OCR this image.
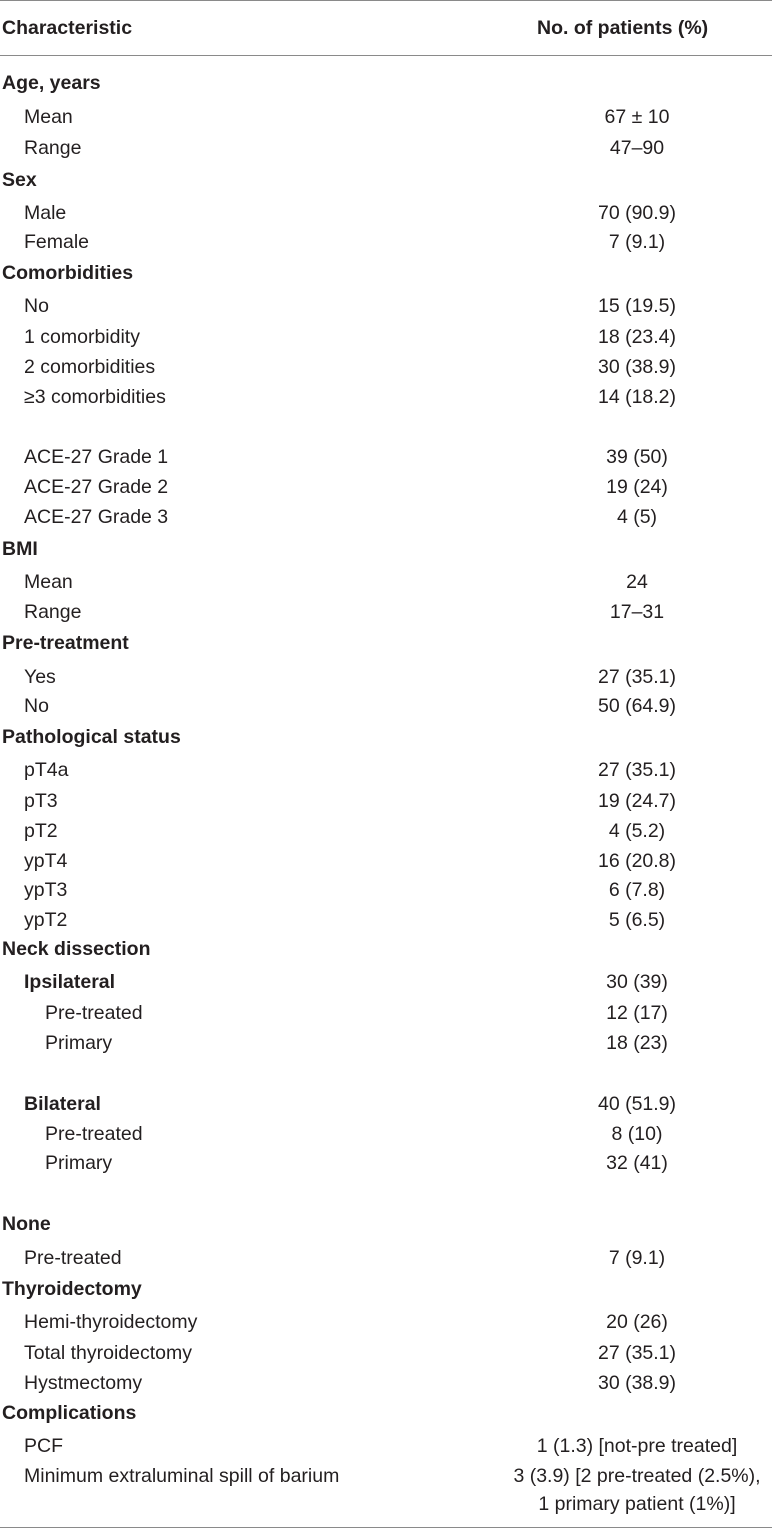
Characteristic	No. of patients (%)
Age, years
Mean	67 ± 10
Range	47–90
Sex
Male	70 (90.9)
Female	7 (9.1)
Comorbidities
No	15 (19.5)
1 comorbidity	18 (23.4)
2 comorbidities	30 (38.9)
≥3 comorbidities	14 (18.2)
ACE-27 Grade 1	39 (50)
ACE-27 Grade 2	19 (24)
ACE-27 Grade 3	4 (5)
BMI
Mean	24
Range	17–31
Pre-treatment
Yes	27 (35.1)
No	50 (64.9)
Pathological status
pT4a	27 (35.1)
pT3	19 (24.7)
pT2	4 (5.2)
ypT4	16 (20.8)
ypT3	6 (7.8)
ypT2	5 (6.5)
Neck dissection
Ipsilateral	30 (39)
Pre-treated	12 (17)
Primary	18 (23)
Bilateral	40 (51.9)
Pre-treated	8 (10)
Primary	32 (41)
None
Pre-treated	7 (9.1)
Thyroidectomy
Hemi-thyroidectomy	20 (26)
Total thyroidectomy	27 (35.1)
Hystmectomy	30 (38.9)
Complications
PCF	1 (1.3) [not-pre treated]
Minimum extraluminal spill of barium	3 (3.9) [2 pre-treated (2.5%),
1 primary patient (1%)]
